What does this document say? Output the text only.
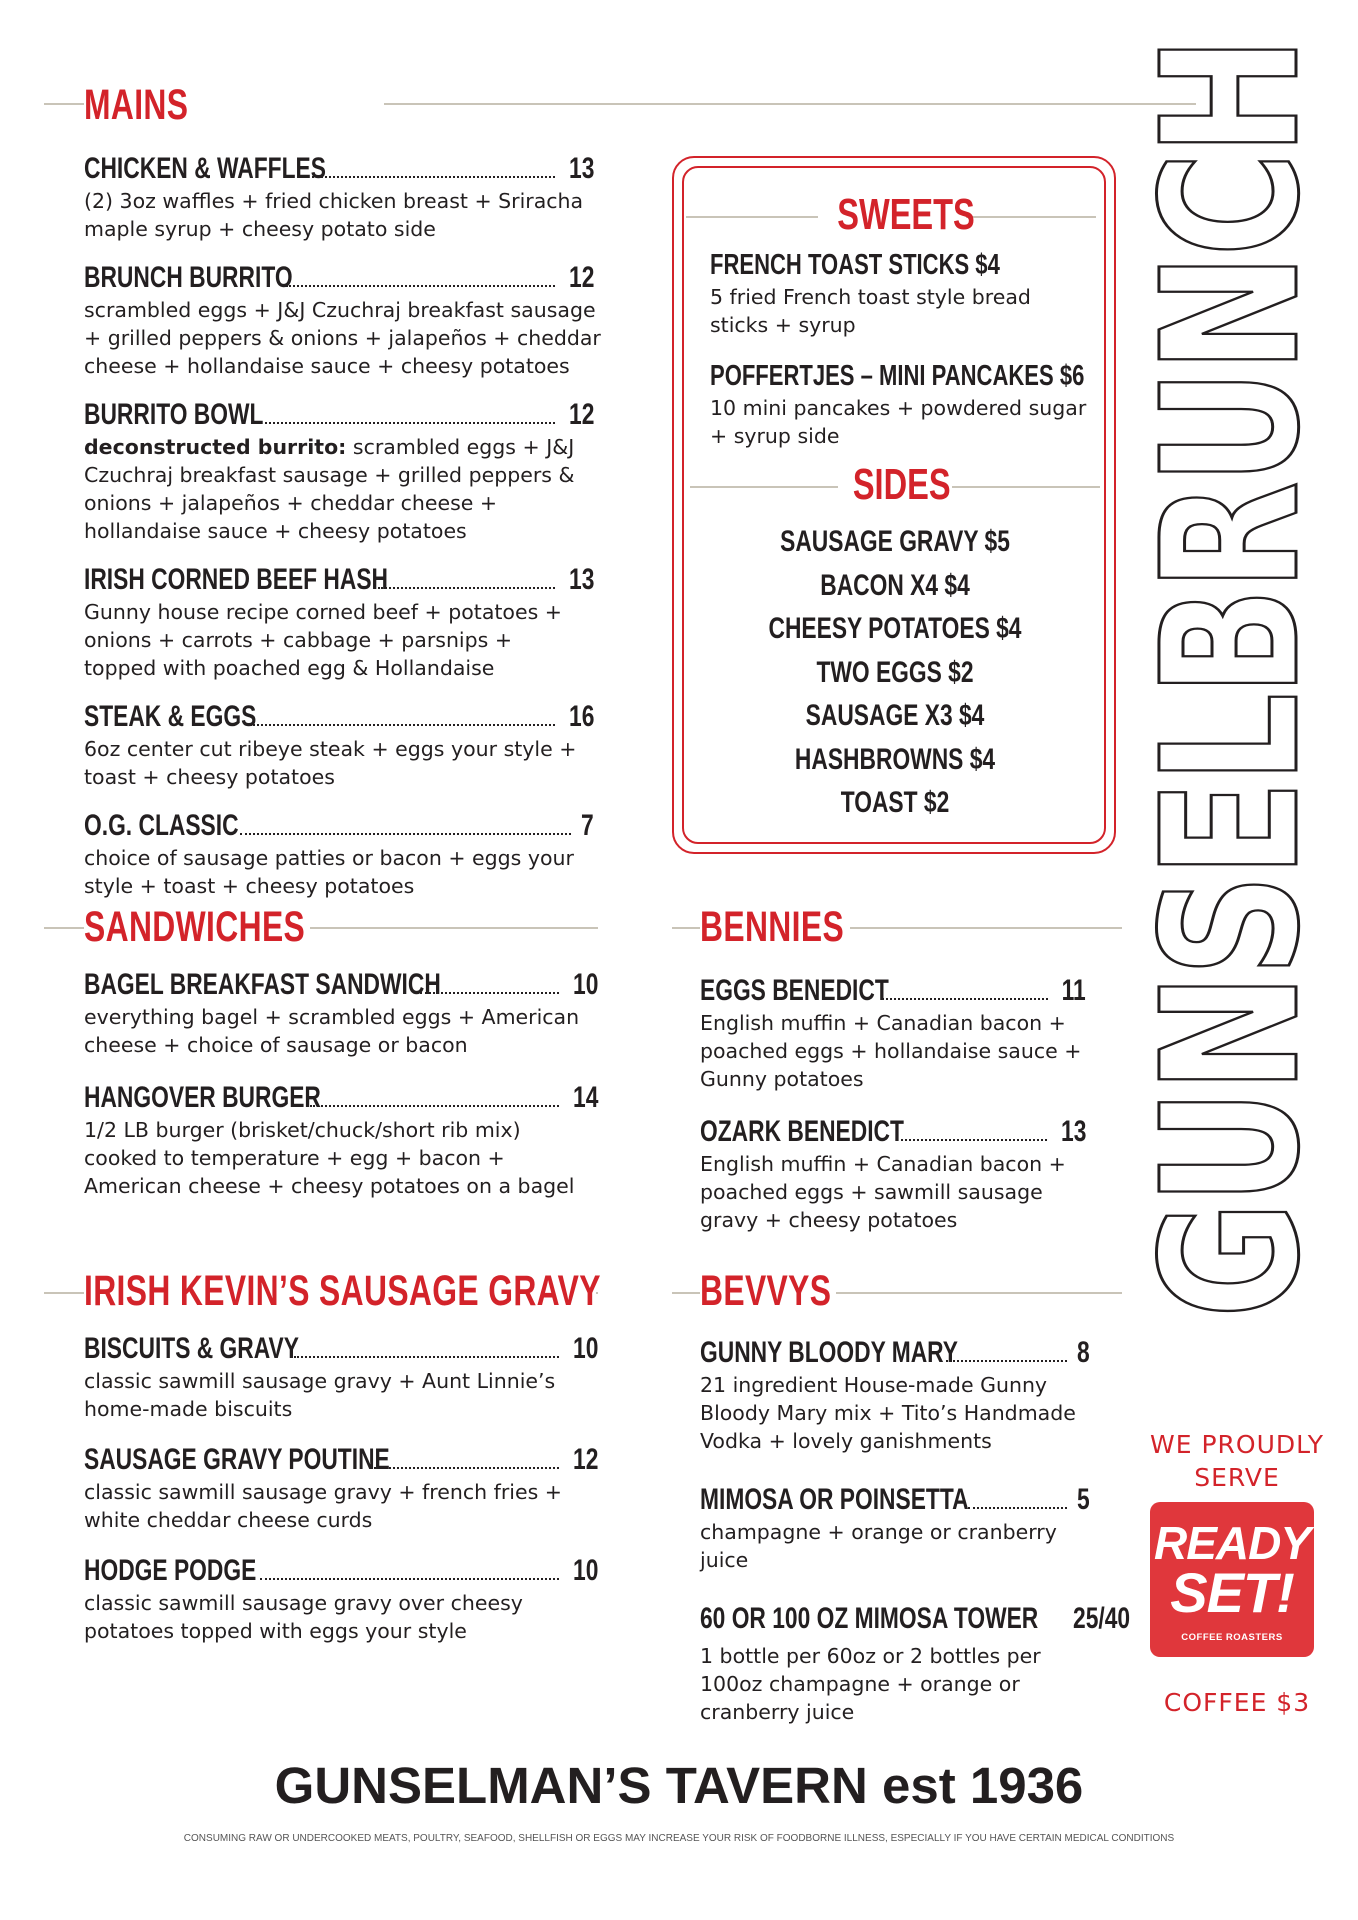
MAINS
CHICKEN & WAFFLES	13
(2) 3oz waffles + fried chicken breast + Sriracha maple syrup + cheesy potato side
BRUNCH BURRITO	12
scrambled eggs + J&J Czuchraj breakfast sausage + grilled peppers & onions + jalapeños + cheddar cheese + hollandaise sauce + cheesy potatoes
BURRITO BOWL	12
deconstructed burrito: scrambled eggs + J&J Czuchraj breakfast sausage + grilled peppers & onions + jalapeños + cheddar cheese + hollandaise sauce + cheesy potatoes
IRISH CORNED BEEF HASH	13
Gunny house recipe corned beef + potatoes + onions + carrots + cabbage + parsnips + topped with poached egg & Hollandaise
STEAK & EGGS	16
6oz center cut ribeye steak + eggs your style + toast + cheesy potatoes
O.G. CLASSIC	7
choice of sausage patties or bacon + eggs your style + toast + cheesy potatoes
SANDWICHES
BAGEL BREAKFAST SANDWICH	10
everything bagel + scrambled eggs + American cheese + choice of sausage or bacon
HANGOVER BURGER	14
1/2 LB burger (brisket/chuck/short rib mix) cooked to temperature + egg + bacon + American cheese + cheesy potatoes on a bagel
IRISH KEVIN’S SAUSAGE GRAVY
BISCUITS & GRAVY	10
classic sawmill sausage gravy + Aunt Linnie’s home-made biscuits
SAUSAGE GRAVY POUTINE	12
classic sawmill sausage gravy + french fries + white cheddar cheese curds
HODGE PODGE	10
classic sawmill sausage gravy over cheesy potatoes topped with eggs your style
SWEETS
FRENCH TOAST STICKS $4
5 fried French toast style bread sticks + syrup
POFFERTJES – MINI PANCAKES $6
10 mini pancakes + powdered sugar + syrup side
SIDES
SAUSAGE GRAVY $5
BACON X4 $4
CHEESY POTATOES $4
TWO EGGS $2
SAUSAGE X3 $4
HASHBROWNS $4
TOAST $2
BENNIES
EGGS BENEDICT	11
English muffin + Canadian bacon + poached eggs + hollandaise sauce + Gunny potatoes
OZARK BENEDICT	13
English muffin + Canadian bacon + poached eggs + sawmill sausage gravy + cheesy potatoes
BEVVYS
GUNNY BLOODY MARY	8
21 ingredient House-made Gunny Bloody Mary mix + Tito’s Handmade Vodka + lovely ganishments
MIMOSA OR POINSETTA	5
champagne + orange or cranberry juice
60 OR 100 OZ MIMOSA TOWER 25/40
1 bottle per 60oz or 2 bottles per 100oz champagne + orange or cranberry juice
GUNSELBRUNCH
WE PROUDLY
SERVE
READY
SET!
COFFEE ROASTERS
COFFEE $3
GUNSELMAN’S TAVERN est 1936
CONSUMING RAW OR UNDERCOOKED MEATS, POULTRY, SEAFOOD, SHELLFISH OR EGGS MAY INCREASE YOUR RISK OF FOODBORNE ILLNESS, ESPECIALLY IF YOU HAVE CERTAIN MEDICAL CONDITIONS
